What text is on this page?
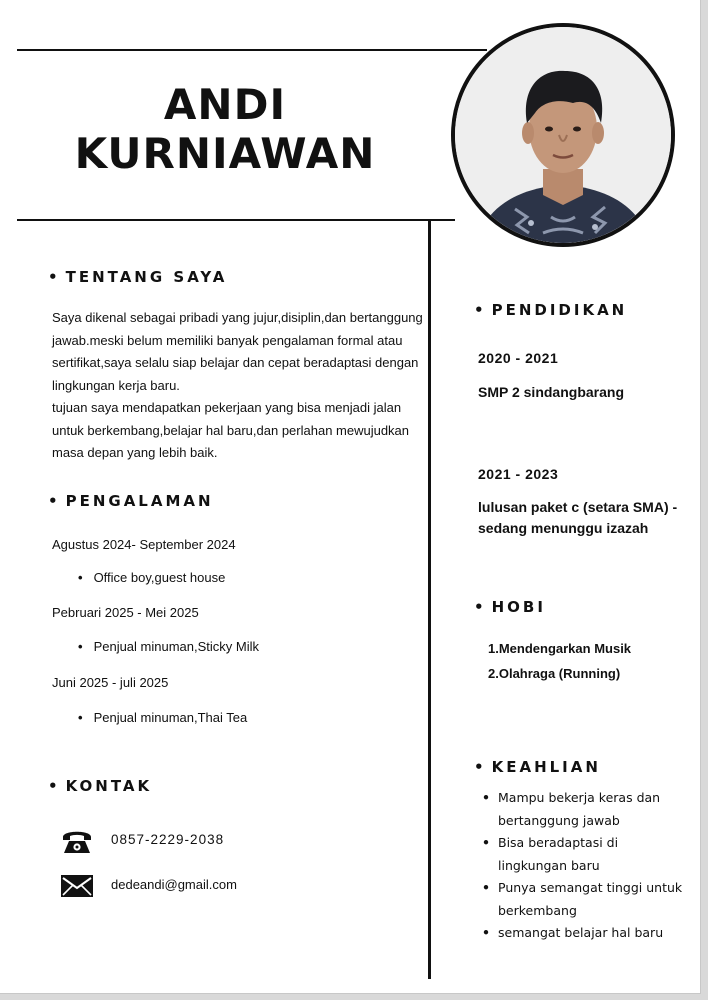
ANDI
KURNIAWAN
• TENTANG SAYA

Saya dikenal sebagai pribadi yang jujur,disiplin,dan bertanggung jawab.meski belum memiliki banyak pengalaman formal atau sertifikat,saya selalu siap belajar dan cepat beradaptasi dengan lingkungan kerja baru.

tujuan saya mendapatkan pekerjaan yang bisa menjadi jalan untuk berkembang,belajar hal baru,dan perlahan mewujudkan masa depan yang lebih baik.

• PENGALAMAN
Agustus 2024- September 2024
• Office boy,guest house
Pebruari 2025 - Mei 2025
• Penjual minuman,Sticky Milk
Juni 2025 - juli 2025
• Penjual minuman,Thai Tea
• KONTAK
0857-2229-2038
dedeandi@gmail.com
• PENDIDIKAN
2020 - 2021
SMP 2 sindangbarang
2021 - 2023
lulusan paket c (setara SMA) - sedang menunggu izazah
• HOBI
1.Mendengarkan Musik
2.Olahraga (Running)
• KEAHLIAN
• Mampu bekerja keras dan bertanggung jawab
• Bisa beradaptasi di lingkungan baru
• Punya semangat tinggi untuk berkembang
• semangat belajar hal baru
